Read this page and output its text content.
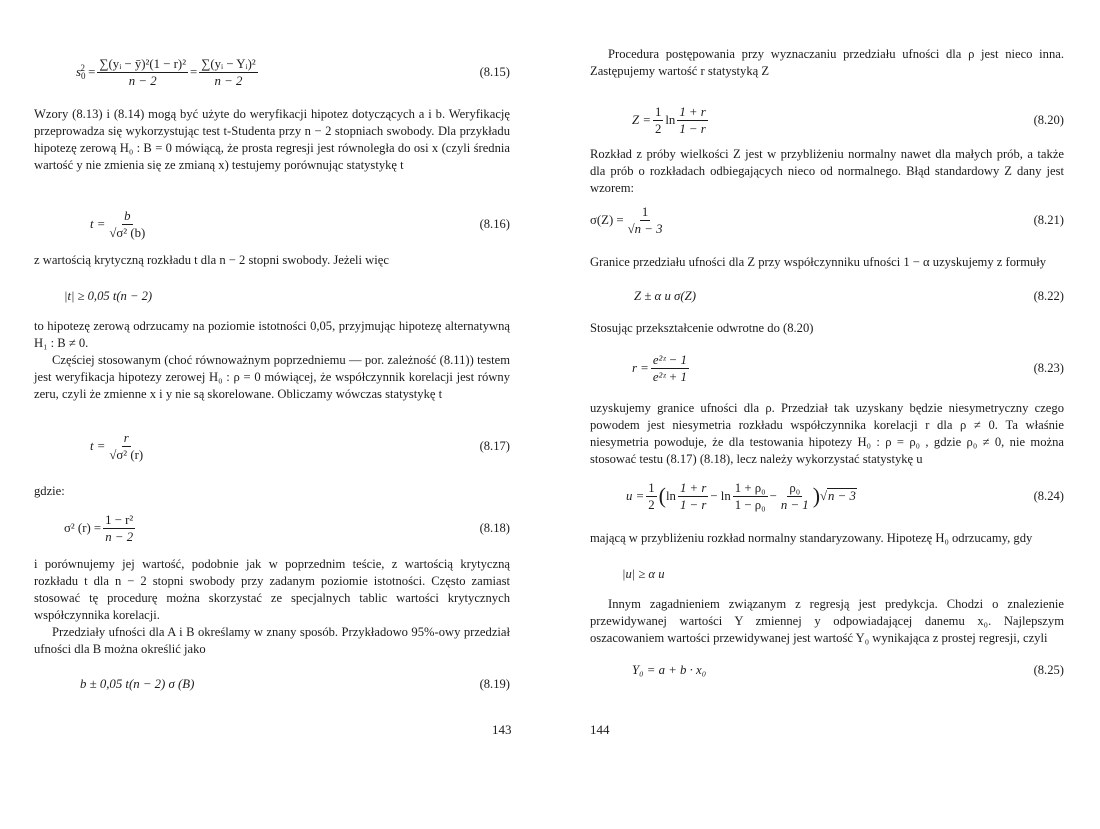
$s_0^2 = \frac{\text{∑(yᵢ − ȳ)²(1 − r)²}}{n - 2} = \frac{\text{∑(yᵢ − Yᵢ)²}}{n - 2}$	(8.15)

Wzory (8.13) i (8.14) mogą być użyte do weryfikacji hipotez dotyczących a i b. Weryfikację przeprowadza się wykorzystując test t-Studenta przy n − 2 stopniach swobody. Dla przykładu hipotezę zerową H₀ : B = 0 mówiącą, że prosta regresji jest równoległa do osi x (czyli średnia wartość y nie zmienia się ze zmianą x) testujemy porównując statystykę t

$t = \frac{b}{\text{√σ² (b)}}$	(8.16)

z wartością krytyczną rozkładu t dla n − 2 stopni swobody. Jeżeli więc

|t| ≥ 0,05 t(n − 2)

to hipotezę zerową odrzucamy na poziomie istotności 0,05, przyjmując hipotezę alternatywną H₁ : B ≠ 0.

Częściej stosowanym (choć równoważnym poprzedniemu — por. zależność (8.11)) testem jest weryfikacja hipotezy zerowej H₀ : ρ = 0 mówiącej, że współczynnik korelacji jest równy zeru, czyli że zmienne x i y nie są skorelowane. Obliczamy wówczas statystykę t

$t = \frac{r}{\text{√σ² (r)}}$	(8.17)
gdzie:
σ² $(r) = \frac{\text{1 − r²}}{n - 2}$	(8.18)

i porównujemy jej wartość, podobnie jak w poprzednim teście, z wartością krytyczną rozkładu t dla n − 2 stopni swobody przy zadanym poziomie istotności. Często zamiast stosować tę procedurę można skorzystać ze specjalnych tablic wartości krytycznych współczynnika korelacji.

Przedziały ufności dla A i B określamy w znany sposób. Przykładowo 95%-owy przedział ufności dla B można określić jako

b ± 0,05 t(n − 2) σ (B)	(8.19)
143

Procedura postępowania przy wyznaczaniu przedziału ufności dla ρ jest nieco inna. Zastępujemy wartość r statystyką Z

$Z = \frac{1}{2}$ $\ln \frac{1 + r}{1 - r}$	(8.20)

Rozkład z próby wielkości Z jest w przybliżeniu normalny nawet dla małych prób, a także dla prób o rozkładach odbiegających nieco od normalnego. Błąd standardowy Z dany jest wzorem:

$\sigma(Z) = \frac{1}{√n - 3}$	(8.21)

Granice przedziału ufności dla Z przy współczynniku ufności 1 − α uzyskujemy z formuły

Z ± α u σ(Z)	(8.22)

Stosując przekształcenie odwrotne do (8.20)

$r = \frac{\text{e²ᶻ − 1}}{\text{e²ᶻ + 1}}$	(8.23)

uzyskujemy granice ufności dla ρ. Przedział tak uzyskany będzie niesymetryczny czego powodem jest niesymetria rozkładu współczynnika korelacji r dla ρ ≠ 0. Ta właśnie niesymetria powoduje, że dla testowania hipotezy H₀ : ρ = ρ₀ , gdzie ρ₀ ≠ 0, nie można stosować testu (8.17) (8.18), lecz należy wykorzystać statystykę u

$u = \frac{1}{2}$ ( $\ln \frac{1 + r}{1 - r}$ −
$\ln \frac{\text{1 + ρ₀}}{\text{1 − ρ₀}} - \frac{\text{ρ₀}}{n - 1}$ ) √n − 3	(8.24)

mającą w przybliżeniu rozkład normalny standaryzowany. Hipotezę H₀ odrzucamy, gdy

|u| ≥ α u

Innym zagadnieniem związanym z regresją jest predykcja. Chodzi o znalezienie przewidywanej wartości Y zmiennej y odpowiadającej danemu x₀. Najlepszym oszacowaniem wartości przewidywanej jest wartość Y₀ wynikająca z prostej regresji, czyli

Y₀ = a + b · x₀	(8.25)
144
